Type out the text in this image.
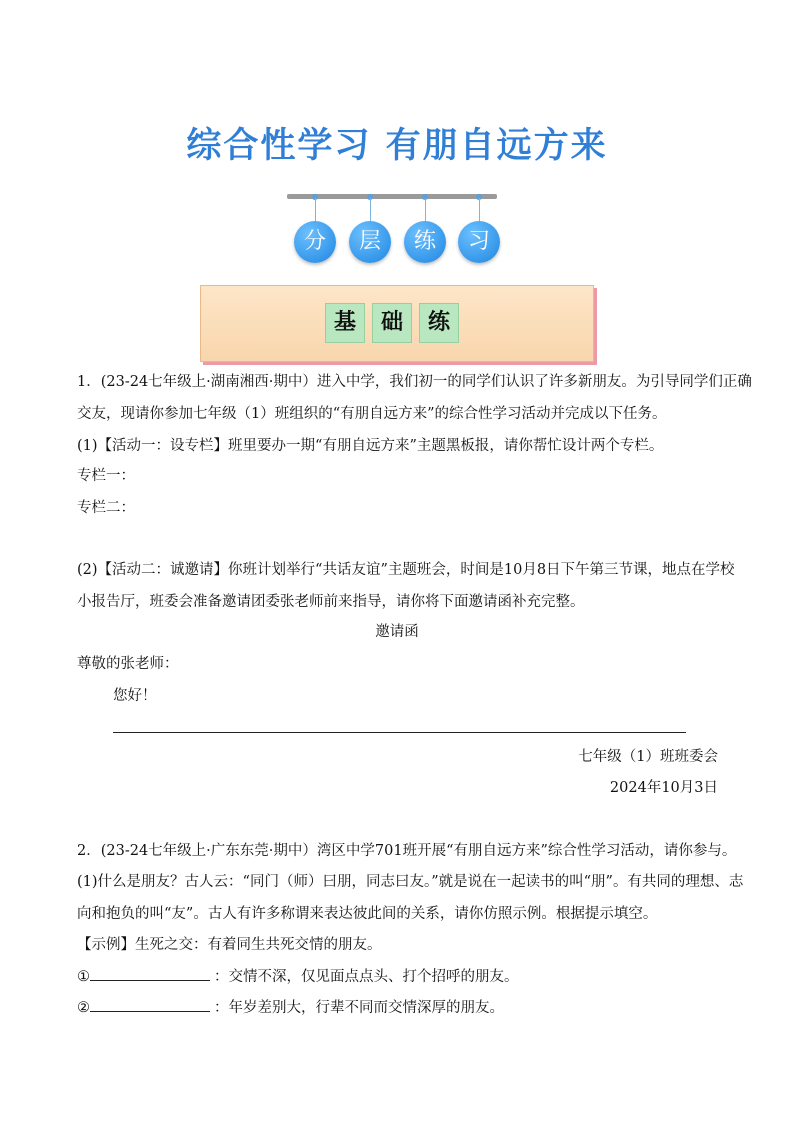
综合性学习 有朋自远方来
分	层	练	习
基	础	练
1．(23-24七年级上·湖南湘西·期中）进入中学，我们初一的同学们认识了许多新朋友。为引导同学们正确
交友，现请你参加七年级（1）班组织的“有朋自远方来”的综合性学习活动并完成以下任务。
(1)【活动一：设专栏】班里要办一期“有朋自远方来”主题黑板报，请你帮忙设计两个专栏。
专栏一：
专栏二：
(2)【活动二：诚邀请】你班计划举行“共话友谊”主题班会，时间是10月8日下午第三节课，地点在学校
小报告厅，班委会准备邀请团委张老师前来指导，请你将下面邀请函补充完整。
邀请函
尊敬的张老师：
您好！
七年级（1）班班委会
2024年10月3日
2．(23-24七年级上·广东东莞·期中）湾区中学701班开展“有朋自远方来”综合性学习活动，请你参与。
(1)什么是朋友？古人云：“同门（师）曰朋，同志曰友。”就是说在一起读书的叫“朋”。有共同的理想、志
向和抱负的叫“友”。古人有许多称谓来表达彼此间的关系，请你仿照示例。根据提示填空。
【示例】生死之交：有着同生共死交情的朋友。
①	：交情不深，仅见面点点头、打个招呼的朋友。
②	：年岁差别大，行辈不同而交情深厚的朋友。
